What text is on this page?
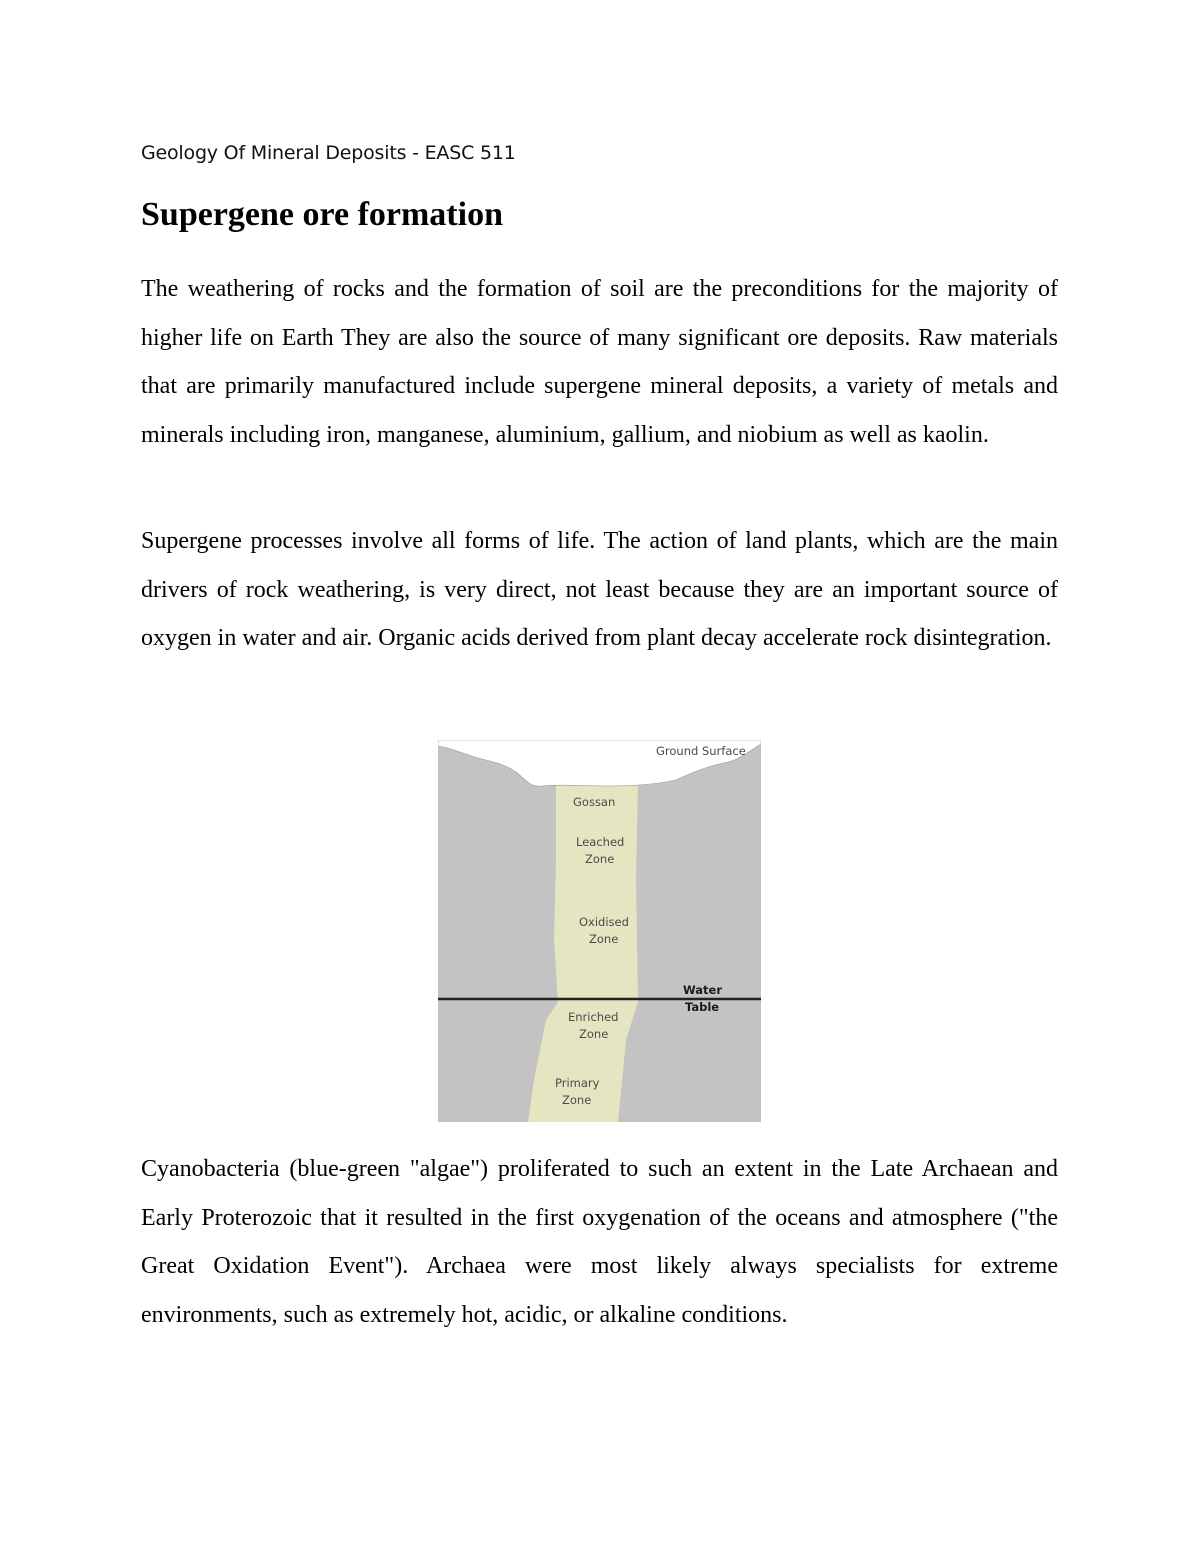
Geology Of Mineral Deposits - EASC 511
Supergene ore formation

The weathering of rocks and the formation of soil are the preconditions for the majority of higher life on Earth They are also the source of many significant ore deposits. Raw materials that are primarily manufactured include supergene mineral deposits, a variety of metals and minerals including iron, manganese, aluminium, gallium, and niobium as well as kaolin.

Supergene processes involve all forms of life. The action of land plants, which are the main drivers of rock weathering, is very direct, not least because they are an important source of oxygen in water and air. Organic acids derived from plant decay accelerate rock disintegration.

Ground Surface
Gossan
Leached
Zone
Oxidised
Zone
Water
Table
Enriched
Zone
Primary
Zone

Cyanobacteria (blue-green "algae") proliferated to such an extent in the Late Archaean and Early Proterozoic that it resulted in the first oxygenation of the oceans and atmosphere ("the Great Oxidation Event"). Archaea were most likely always specialists for extreme environments, such as extremely hot, acidic, or alkaline conditions.
